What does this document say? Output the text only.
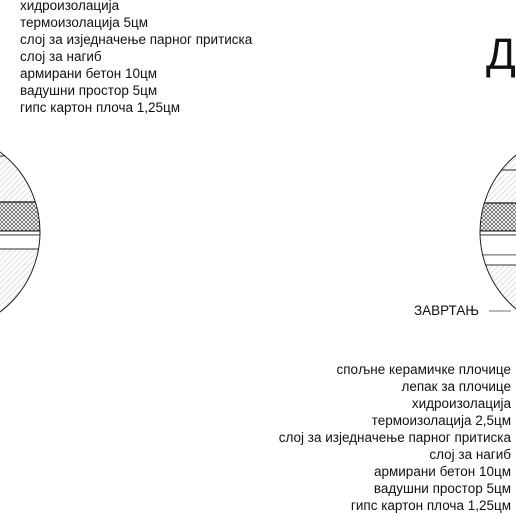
хидроизолација
термоизолација 5цм
слој за изједначење парног притиска
слој за нагиб
армирани бетон 10цм
вадушни простор 5цм
гипс картон плоча 1,25цм
Д
ЗАВРТАЊ
спољне керамичке плочице
лепак за плочице
хидроизолација
термоизолација 2,5цм
слој за изједначење парног притиска
слој за нагиб
армирани бетон 10цм
вадушни простор 5цм
гипс картон плоча 1,25цм
